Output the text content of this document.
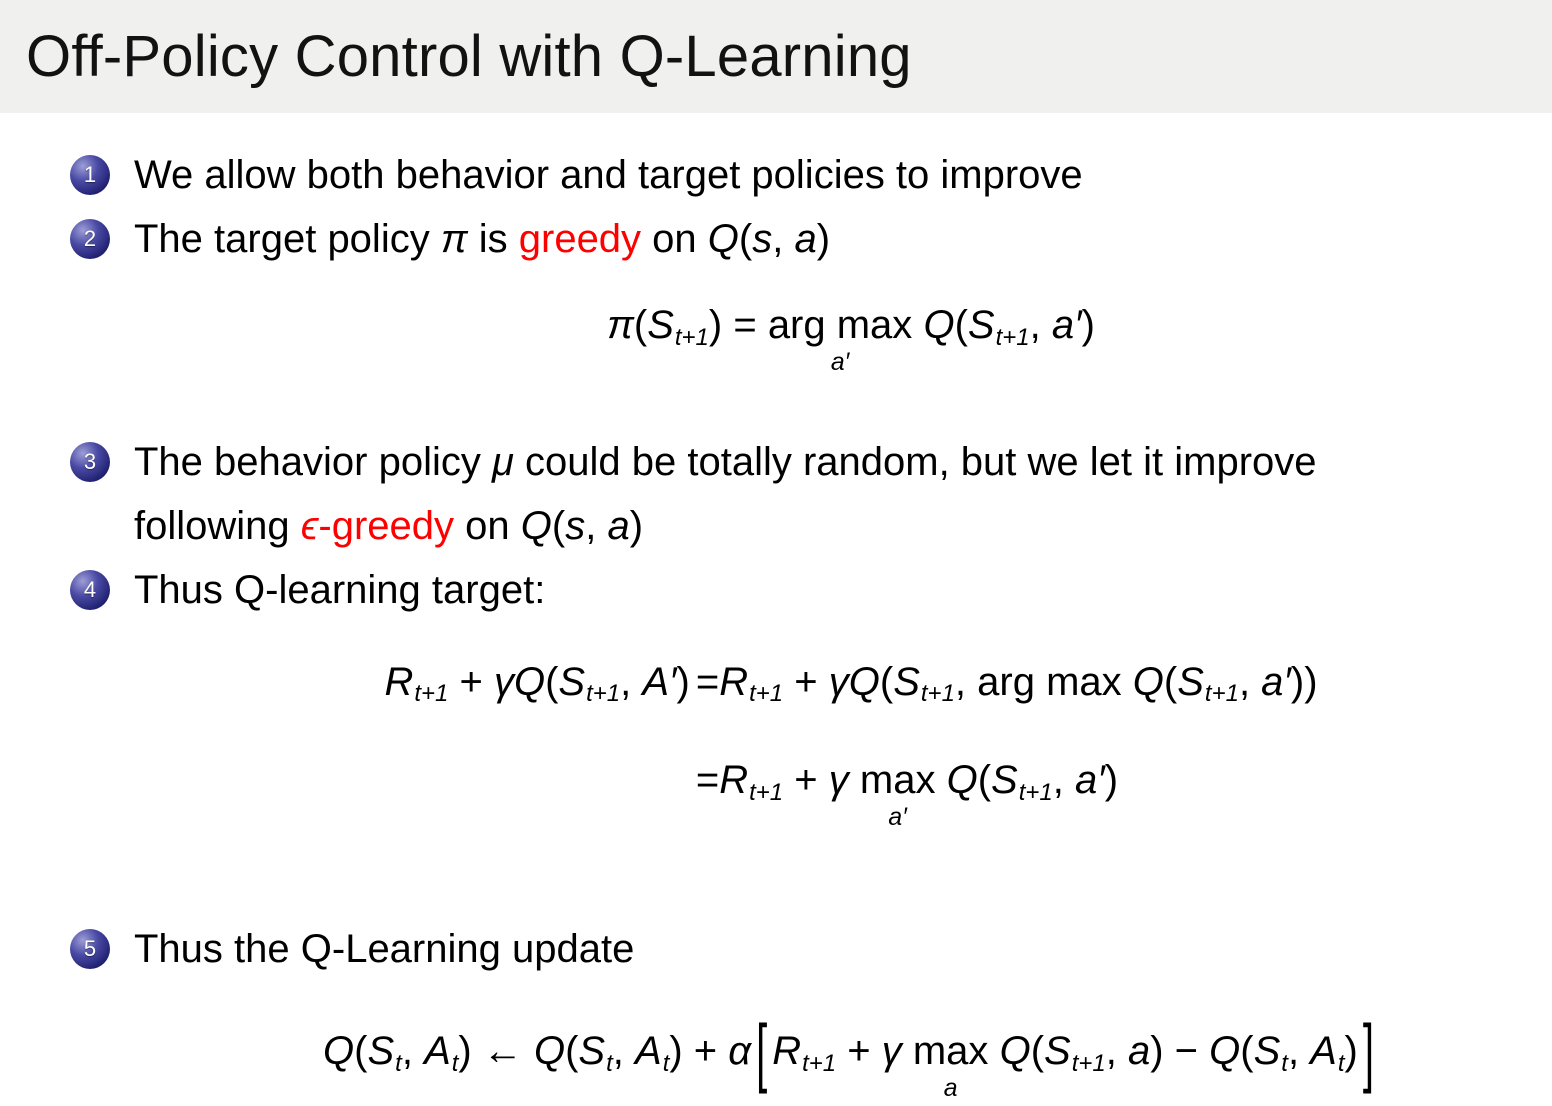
Off-Policy Control with Q-Learning
1 We allow both behavior and target policies to improve
2 The target policy π is greedy on Q(s, a)
π(St+1) = arg max
a′
Q(St+1, a′)
3 The behavior policy μ could be totally random, but we let it improve
following ϵ-greedy on Q(s, a)
4 Thus Q-learning target:
Rt+1 + γQ(St+1, A′) =Rt+1 + γQ(St+1, arg max Q(St+1, a′))
=Rt+1 + γ max
a′
Q(St+1, a′)
5 Thus the Q-Learning update
Q(St, At) ← Q(St, At) + α [ Rt+1 + γ max
a
Q(St+1, a) − Q(St, At) ]
